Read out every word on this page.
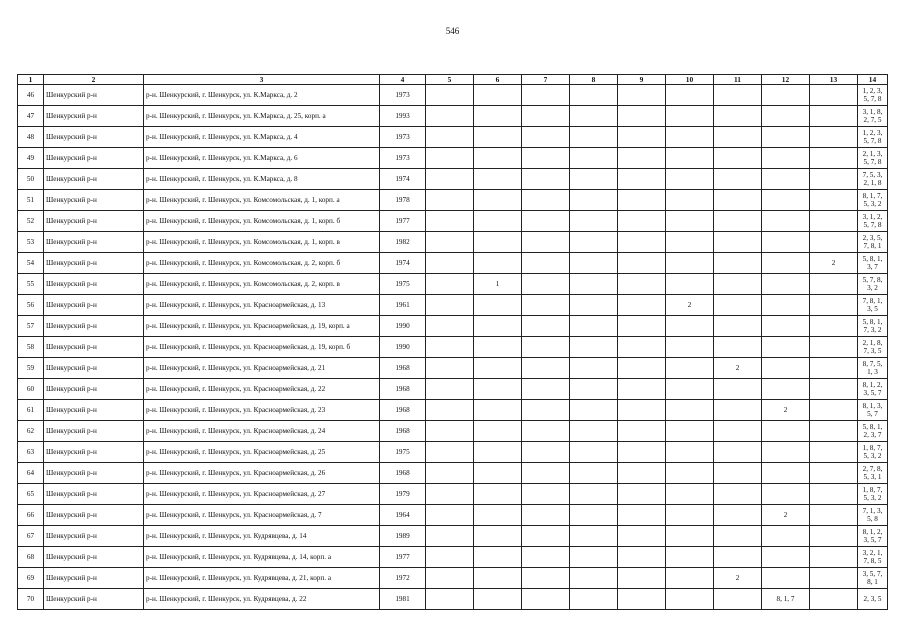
546
1	2	3	4	5	6	7	8	9	10	11	12	13	14
46	Шенкурский р-н	р-н. Шенкурский, г. Шенкурск, ул. К.Маркса, д. 2	1973										1, 2, 3, 5, 7, 8
47	Шенкурский р-н	р-н. Шенкурский, г. Шенкурск, ул. К.Маркса, д. 25, корп. а	1993										3, 1, 8, 2, 7, 5
48	Шенкурский р-н	р-н. Шенкурский, г. Шенкурск, ул. К.Маркса, д. 4	1973										1, 2, 3, 5, 7, 8
49	Шенкурский р-н	р-н. Шенкурский, г. Шенкурск, ул. К.Маркса, д. 6	1973										2, 1, 3, 5, 7, 8
50	Шенкурский р-н	р-н. Шенкурский, г. Шенкурск, ул. К.Маркса, д. 8	1974										7, 5, 3, 2, 1, 8
51	Шенкурский р-н	р-н. Шенкурский, г. Шенкурск, ул. Комсомольская, д. 1, корп. а	1978										8, 1, 7, 5, 3, 2
52	Шенкурский р-н	р-н. Шенкурский, г. Шенкурск, ул. Комсомольская, д. 1, корп. б	1977										3, 1, 2, 5, 7, 8
53	Шенкурский р-н	р-н. Шенкурский, г. Шенкурск, ул. Комсомольская, д. 1, корп. в	1982										2, 3, 5, 7, 8, 1
54	Шенкурский р-н	р-н. Шенкурский, г. Шенкурск, ул. Комсомольская, д. 2, корп. б	1974									2	5, 8, 1, 3, 7
55	Шенкурский р-н	р-н. Шенкурский, г. Шенкурск, ул. Комсомольская, д. 2, корп. в	1975		1								5, 7, 8, 3, 2
56	Шенкурский р-н	р-н. Шенкурский, г. Шенкурск, ул. Красноармейская, д. 13	1961						2				7, 8, 1, 3, 5
57	Шенкурский р-н	р-н. Шенкурский, г. Шенкурск, ул. Красноармейская, д. 19, корп. а	1990										5, 8, 1, 7, 3, 2
58	Шенкурский р-н	р-н. Шенкурский, г. Шенкурск, ул. Красноармейская, д. 19, корп. б	1990										2, 1, 8, 7, 3, 5
59	Шенкурский р-н	р-н. Шенкурский, г. Шенкурск, ул. Красноармейская, д. 21	1968							2			8, 7, 5, 1, 3
60	Шенкурский р-н	р-н. Шенкурский, г. Шенкурск, ул. Красноармейская, д. 22	1968										8, 1, 2, 3, 5, 7
61	Шенкурский р-н	р-н. Шенкурский, г. Шенкурск, ул. Красноармейская, д. 23	1968								2		8, 1, 3, 5, 7
62	Шенкурский р-н	р-н. Шенкурский, г. Шенкурск, ул. Красноармейская, д. 24	1968										5, 8, 1, 2, 3, 7
63	Шенкурский р-н	р-н. Шенкурский, г. Шенкурск, ул. Красноармейская, д. 25	1975										1, 8, 7, 5, 3, 2
64	Шенкурский р-н	р-н. Шенкурский, г. Шенкурск, ул. Красноармейская, д. 26	1968										2, 7, 8, 5, 3, 1
65	Шенкурский р-н	р-н. Шенкурский, г. Шенкурск, ул. Красноармейская, д. 27	1979										1, 8, 7, 5, 3, 2
66	Шенкурский р-н	р-н. Шенкурский, г. Шенкурск, ул. Красноармейская, д. 7	1964								2		7, 1, 3, 5, 8
67	Шенкурский р-н	р-н. Шенкурский, г. Шенкурск, ул. Кудрявцева, д. 14	1989										8, 1, 2, 3, 5, 7
68	Шенкурский р-н	р-н. Шенкурский, г. Шенкурск, ул. Кудрявцева, д. 14, корп. а	1977										3, 2, 1, 7, 8, 5
69	Шенкурский р-н	р-н. Шенкурский, г. Шенкурск, ул. Кудрявцева, д. 21, корп. а	1972							2			3, 5, 7, 8, 1
70	Шенкурский р-н	р-н. Шенкурский, г. Шенкурск, ул. Кудрявцева, д. 22	1981								8, 1, 7		2, 3, 5
